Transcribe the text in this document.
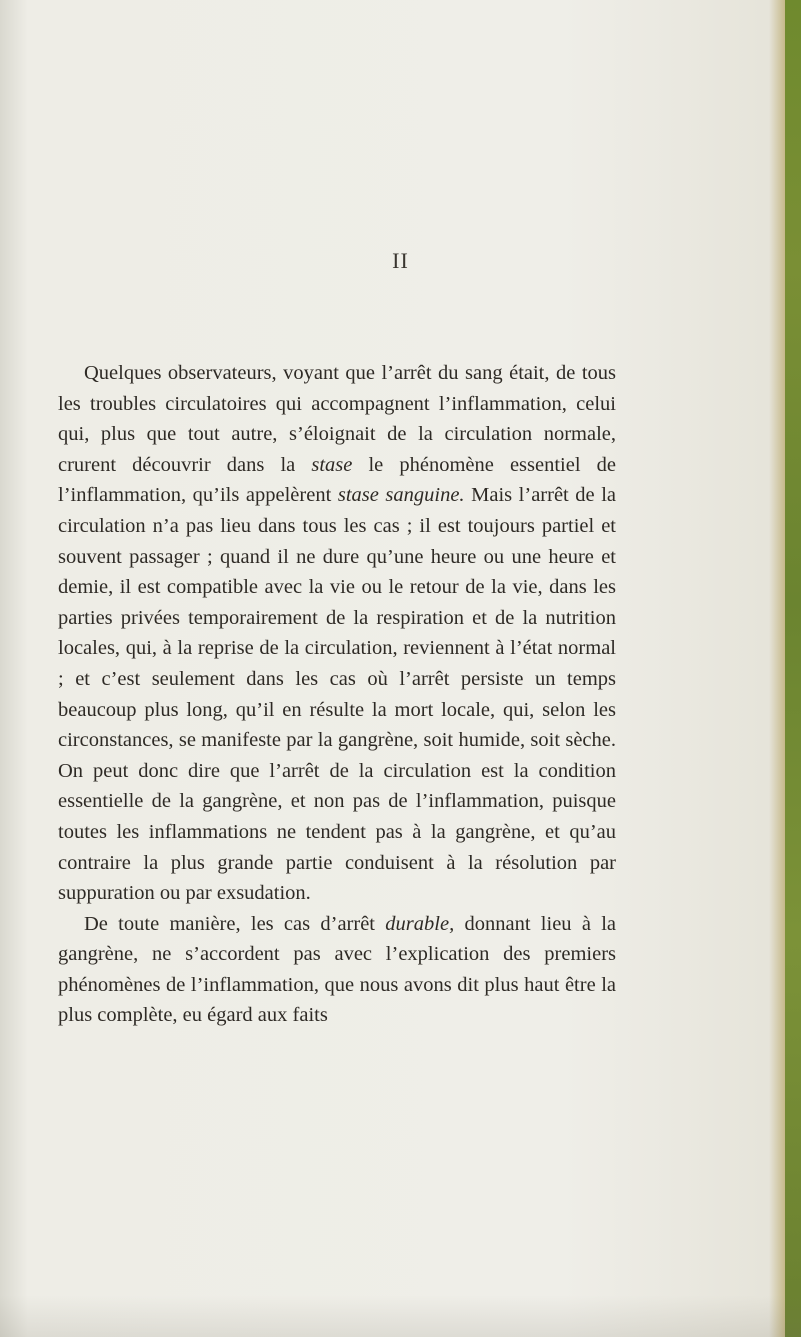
II

Quelques observateurs, voyant que l’arrêt du sang était, de tous les troubles circulatoires qui accompagnent l’inflammation, celui qui, plus que tout autre, s’éloignait de la circulation normale, crurent découvrir dans la stase le phénomène essentiel de l’inflammation, qu’ils appelèrent stase sanguine. Mais l’arrêt de la circulation n’a pas lieu dans tous les cas ; il est toujours partiel et souvent passager ; quand il ne dure qu’une heure ou une heure et demie, il est compatible avec la vie ou le retour de la vie, dans les parties privées temporairement de la respiration et de la nutrition locales, qui, à la reprise de la circulation, reviennent à l’état normal ; et c’est seulement dans les cas où l’arrêt persiste un temps beaucoup plus long, qu’il en résulte la mort locale, qui, selon les circonstances, se manifeste par la gangrène, soit humide, soit sèche. On peut donc dire que l’arrêt de la circulation est la condition essentielle de la gangrène, et non pas de l’inflammation, puisque toutes les inflammations ne tendent pas à la gangrène, et qu’au contraire la plus grande partie conduisent à la résolution par suppuration ou par exsudation.

De toute manière, les cas d’arrêt durable, donnant lieu à la gangrène, ne s’accordent pas avec l’explication des premiers phénomènes de l’inflammation, que nous avons dit plus haut être la plus complète, eu égard aux faits
